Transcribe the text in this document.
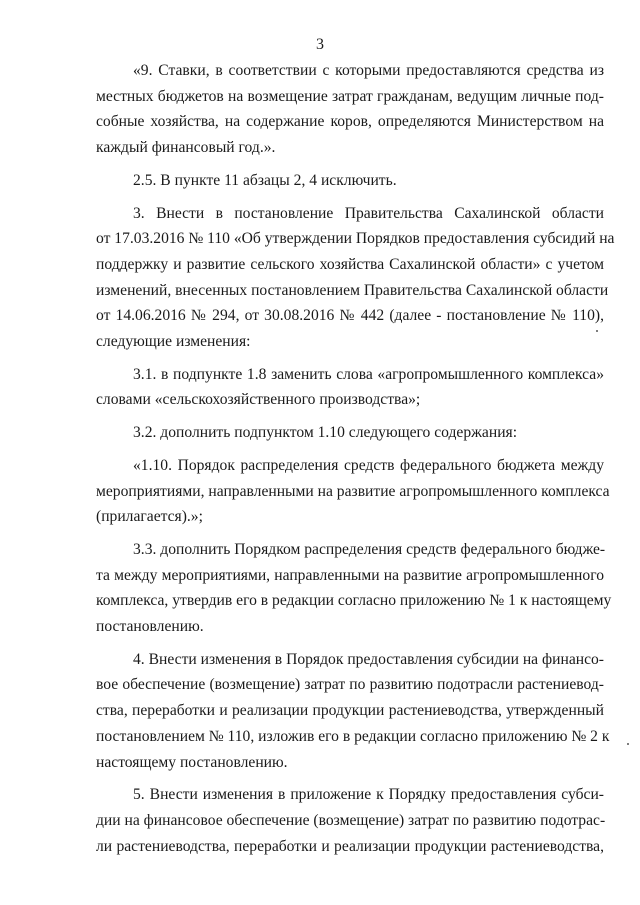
3

«9. Ставки, в соответствии с которыми предоставляются средства из
местных бюджетов на возмещение затрат гражданам, ведущим личные под-
собные хозяйства, на содержание коров, определяются Министерством на
каждый финансовый год.».

2.5. В пункте 11 абзацы 2, 4 исключить.

3. Внести в постановление Правительства Сахалинской области
от 17.03.2016 № 110 «Об утверждении Порядков предоставления субсидий на
поддержку и развитие сельского хозяйства Сахалинской области» с учетом
изменений, внесенных постановлением Правительства Сахалинской области
от 14.06.2016 № 294, от 30.08.2016 № 442 (далее - постановление № 110),
следующие изменения:

3.1. в подпункте 1.8 заменить слова «агропромышленного комплекса»
словами «сельскохозяйственного производства»;

3.2. дополнить подпунктом 1.10 следующего содержания:

«1.10. Порядок распределения средств федерального бюджета между
мероприятиями, направленными на развитие агропромышленного комплекса
(прилагается).»;

3.3. дополнить Порядком распределения средств федерального бюдже-
та между мероприятиями, направленными на развитие агропромышленного
комплекса, утвердив его в редакции согласно приложению № 1 к настоящему
постановлению.

4. Внести изменения в Порядок предоставления субсидии на финансо-
вое обеспечение (возмещение) затрат по развитию подотрасли растениевод-
ства, переработки и реализации продукции растениеводства, утвержденный
постановлением № 110, изложив его в редакции согласно приложению № 2 к
настоящему постановлению.

5. Внести изменения в приложение к Порядку предоставления субси-
дии на финансовое обеспечение (возмещение) затрат по развитию подотрас-
ли растениеводства, переработки и реализации продукции растениеводства,
